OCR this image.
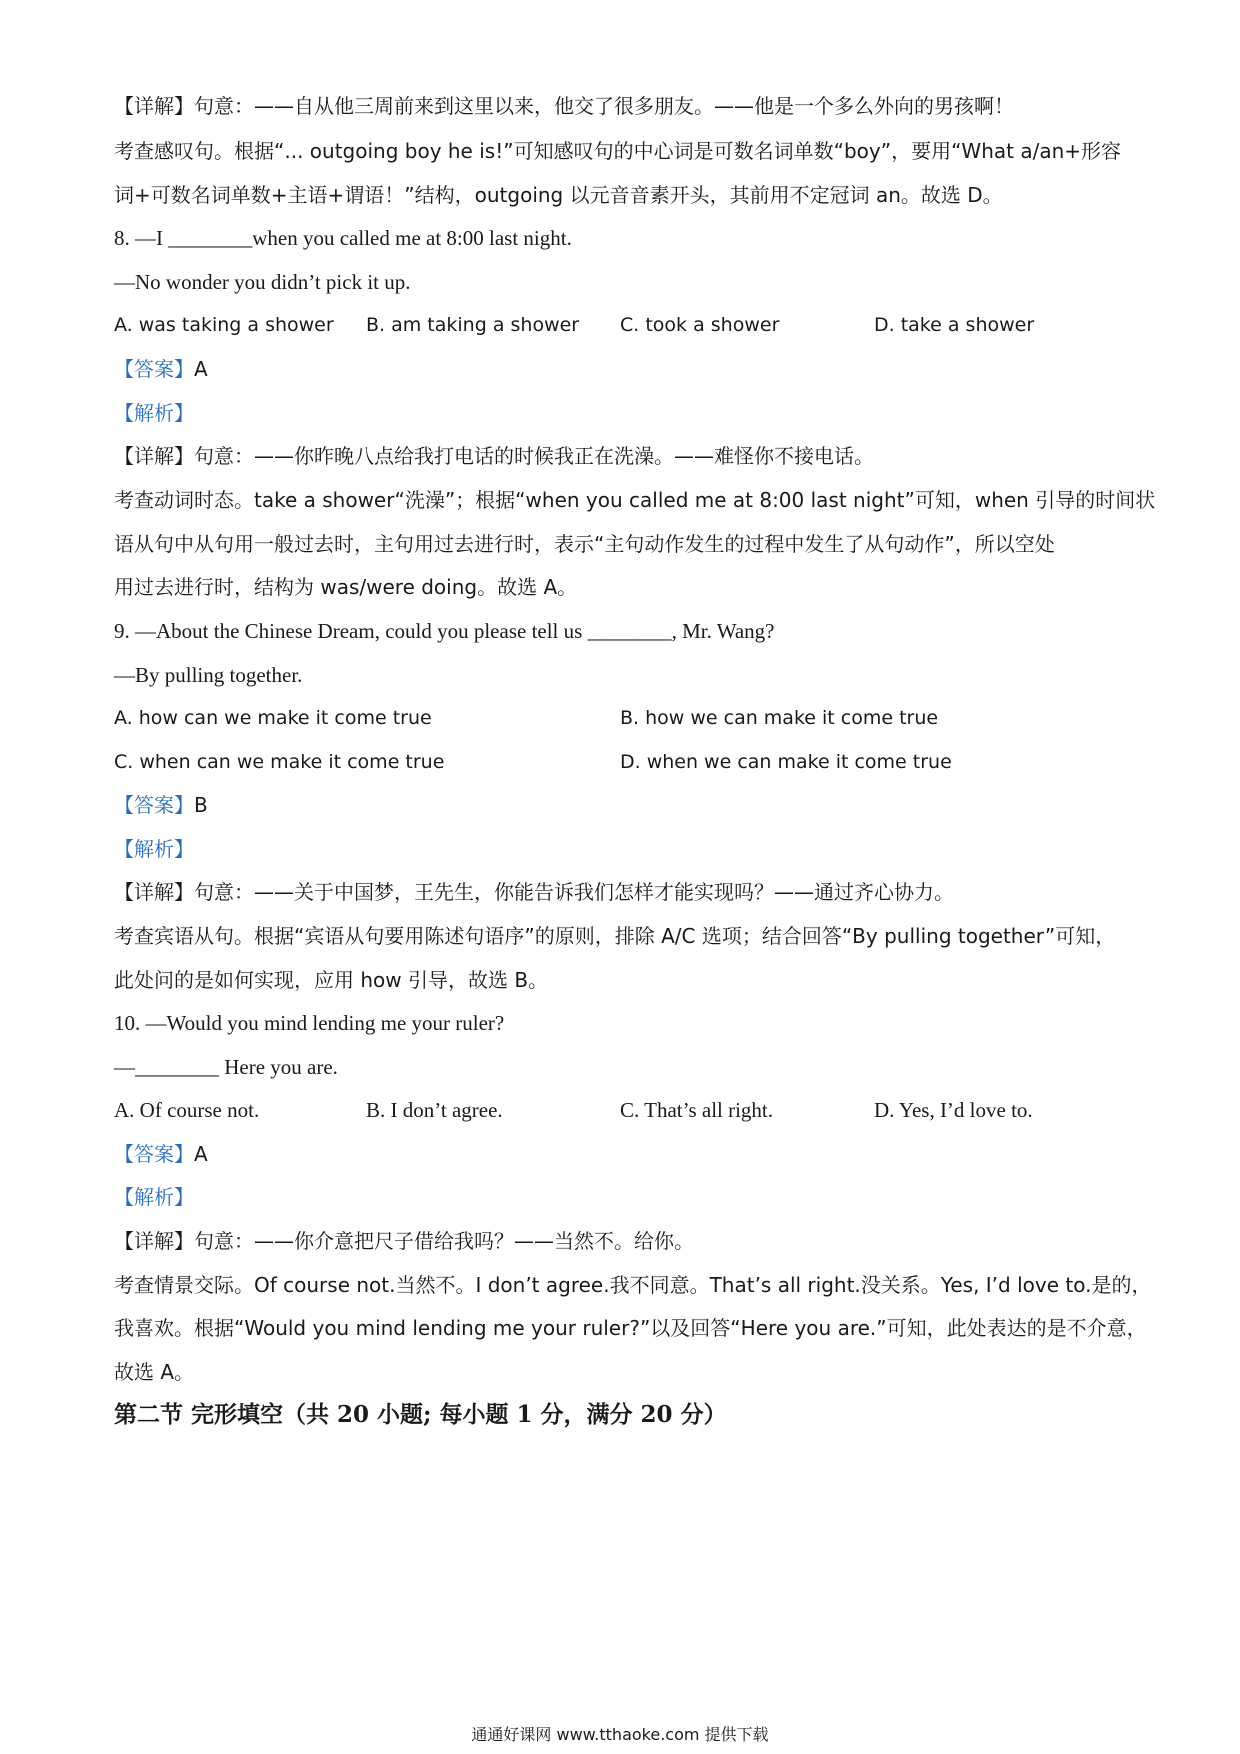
【详解】句意：——自从他三周前来到这里以来，他交了很多朋友。——他是一个多么外向的男孩啊！
考查感叹句。根据“... outgoing boy he is!”可知感叹句的中心词是可数名词单数“boy”，要用“What a/an+形容
词+可数名词单数+主语+谓语！”结构，outgoing 以元音音素开头，其前用不定冠词 an。故选 D。
8. —I ________when you called me at 8:00 last night.
—No wonder you didn’t pick it up.
A. was taking a shower B. am taking a shower C. took a shower	D. take a shower
【答案】A
【解析】
【详解】句意：——你昨晚八点给我打电话的时候我正在洗澡。——难怪你不接电话。
考查动词时态。take a shower“洗澡”；根据“when you called me at 8:00 last night”可知，when 引导的时间状
语从句中从句用一般过去时，主句用过去进行时，表示“主句动作发生的过程中发生了从句动作”，所以空处
用过去进行时，结构为 was/were doing。故选 A。
9. —About the Chinese Dream, could you please tell us ________, Mr. Wang?
—By pulling together.
A. how can we make it come true	B. how we can make it come true
C. when can we make it come true	D. when we can make it come true
【答案】B
【解析】
【详解】句意：——关于中国梦，王先生，你能告诉我们怎样才能实现吗？——通过齐心协力。
考查宾语从句。根据“宾语从句要用陈述句语序”的原则，排除 A/C 选项；结合回答“By pulling together”可知，
此处问的是如何实现，应用 how 引导，故选 B。
10. —Would you mind lending me your ruler?
—________ Here you are.
A. Of course not.	B. I don’t agree.	C. That’s all right.	D. Yes, I’d love to.
【答案】A
【解析】
【详解】句意：——你介意把尺子借给我吗？——当然不。给你。
考查情景交际。Of course not.当然不。I don’t agree.我不同意。That’s all right.没关系。Yes, I’d love to.是的，
我喜欢。根据“Would you mind lending me your ruler?”以及回答“Here you are.”可知，此处表达的是不介意，
故选 A。
第二节 完形填空（共 20 小题; 每小题 1 分，满分 20 分）
通通好课网 www.tthaoke.com 提供下载
